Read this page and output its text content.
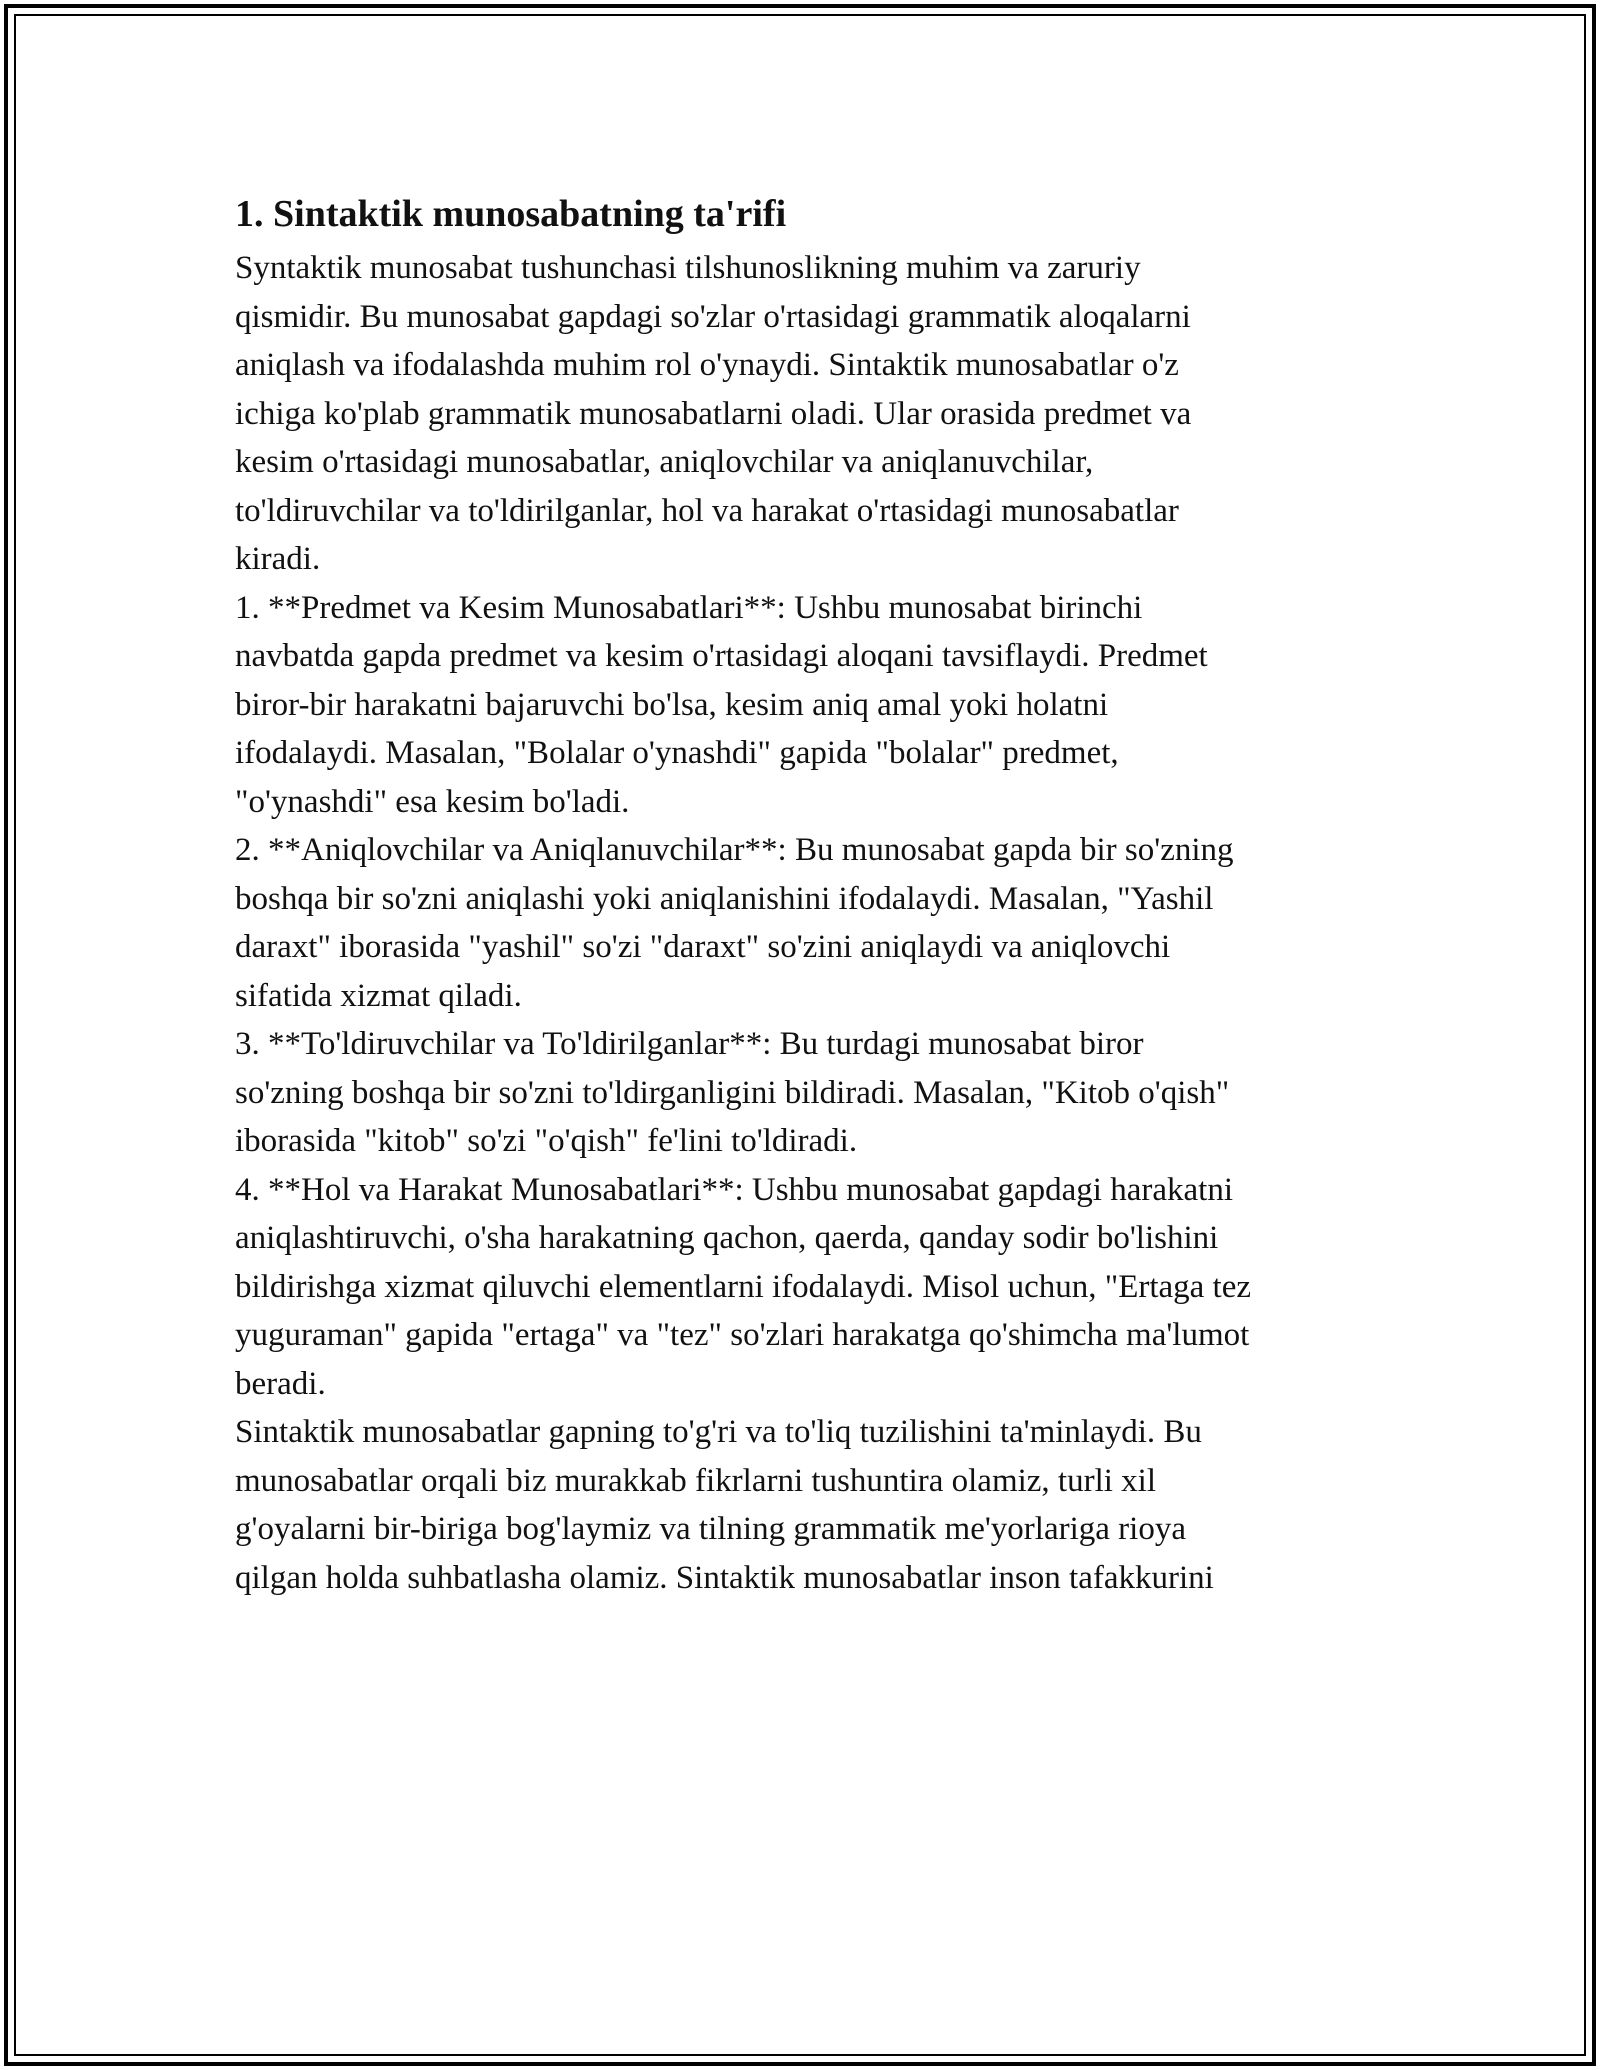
1. Sintaktik munosabatning ta'rifi

Syntaktik munosabat tushunchasi tilshunoslikning muhim va zaruriy
qismidir. Bu munosabat gapdagi so'zlar o'rtasidagi grammatik aloqalarni
aniqlash va ifodalashda muhim rol o'ynaydi. Sintaktik munosabatlar o'z
ichiga ko'plab grammatik munosabatlarni oladi. Ular orasida predmet va
kesim o'rtasidagi munosabatlar, aniqlovchilar va aniqlanuvchilar,
to'ldiruvchilar va to'ldirilganlar, hol va harakat o'rtasidagi munosabatlar
kiradi.

1. **Predmet va Kesim Munosabatlari**: Ushbu munosabat birinchi
navbatda gapda predmet va kesim o'rtasidagi aloqani tavsiflaydi. Predmet
biror-bir harakatni bajaruvchi bo'lsa, kesim aniq amal yoki holatni
ifodalaydi. Masalan, "Bolalar o'ynashdi" gapida "bolalar" predmet,
"o'ynashdi" esa kesim bo'ladi.

2. **Aniqlovchilar va Aniqlanuvchilar**: Bu munosabat gapda bir so'zning
boshqa bir so'zni aniqlashi yoki aniqlanishini ifodalaydi. Masalan, "Yashil
daraxt" iborasida "yashil" so'zi "daraxt" so'zini aniqlaydi va aniqlovchi
sifatida xizmat qiladi.

3. **To'ldiruvchilar va To'ldirilganlar**: Bu turdagi munosabat biror
so'zning boshqa bir so'zni to'ldirganligini bildiradi. Masalan, "Kitob o'qish"
iborasida "kitob" so'zi "o'qish" fe'lini to'ldiradi.

4. **Hol va Harakat Munosabatlari**: Ushbu munosabat gapdagi harakatni
aniqlashtiruvchi, o'sha harakatning qachon, qaerda, qanday sodir bo'lishini
bildirishga xizmat qiluvchi elementlarni ifodalaydi. Misol uchun, "Ertaga tez
yuguraman" gapida "ertaga" va "tez" so'zlari harakatga qo'shimcha ma'lumot
beradi.

Sintaktik munosabatlar gapning to'g'ri va to'liq tuzilishini ta'minlaydi. Bu
munosabatlar orqali biz murakkab fikrlarni tushuntira olamiz, turli xil
g'oyalarni bir-biriga bog'laymiz va tilning grammatik me'yorlariga rioya
qilgan holda suhbatlasha olamiz. Sintaktik munosabatlar inson tafakkurini
